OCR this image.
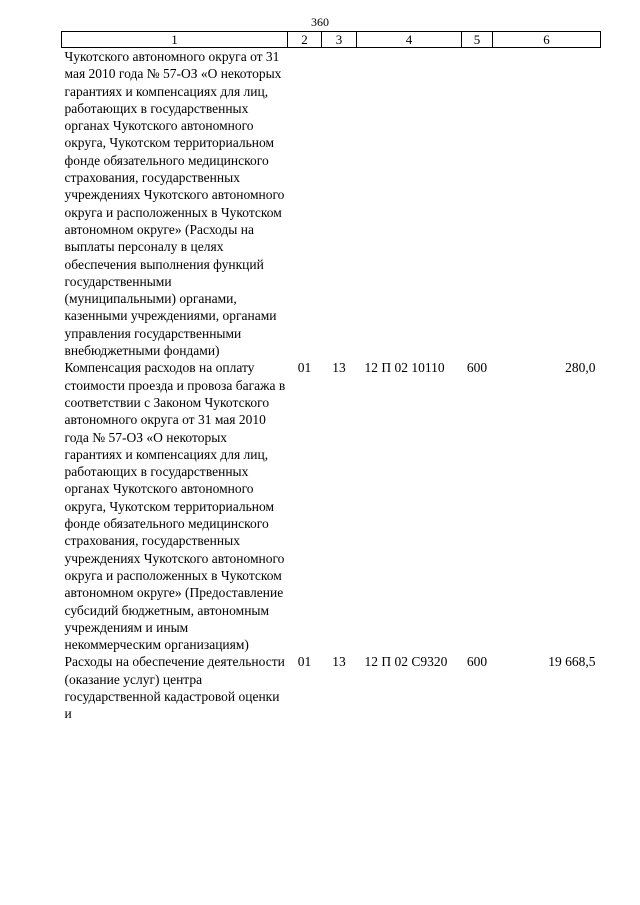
360
1	2	3	4	5	6
Чукотского автономного округа от 31 мая 2010 года № 57-ОЗ «О некоторых гарантиях и компенсациях для лиц, работающих в государственных органах Чукотского автономного округа, Чукотском территориальном фонде обязательного медицинского страхования, государственных учреждениях Чукотского автономного округа и расположенных в Чукотском автономном округе» (Расходы на выплаты персоналу в целях обеспечения выполнения функций государственными (муниципальными) органами, казенными учреждениями, органами управления государственными внебюджетными фондами)					
Компенсация расходов на оплату стоимости проезда и провоза багажа в соответствии с Законом Чукотского автономного округа от 31 мая 2010 года № 57-ОЗ «О некоторых гарантиях и компенсациях для лиц, работающих в государственных органах Чукотского автономного округа, Чукотском территориальном фонде обязательного медицинского страхования, государственных учреждениях Чукотского автономного округа и расположенных в Чукотском автономном округе» (Предоставление субсидий бюджетным, автономным учреждениям и иным некоммерческим организациям)	01	13	12 П 02 10110	600	280,0
Расходы на обеспечение деятельности (оказание услуг) центра государственной кадастровой оценки и	01	13	12 П 02 С9320	600	19 668,5
